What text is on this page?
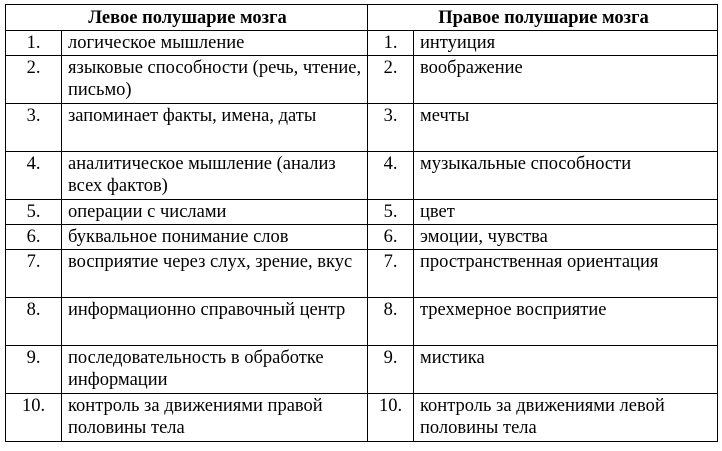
Левое полушарие мозга		Правое полушарие мозга	
1.	логическое мышление	1.	интуиция
2.	языковые способности (речь, чтение, письмо)	2.	воображение
3.	запоминает факты, имена, даты	3.	мечты
4.	аналитическое мышление (анализ всех фактов)	4.	музыкальные способности
5.	операции с числами	5.	цвет
6.	буквальное понимание слов	6.	эмоции, чувства
7.	восприятие через слух, зрение, вкус	7.	пространственная ориентация
8.	информационно справочный центр	8.	трехмерное восприятие
9.	последовательность в обработке информации	9.	мистика
10.	контроль за движениями правой половины тела	10.	контроль за движениями левой половины тела
